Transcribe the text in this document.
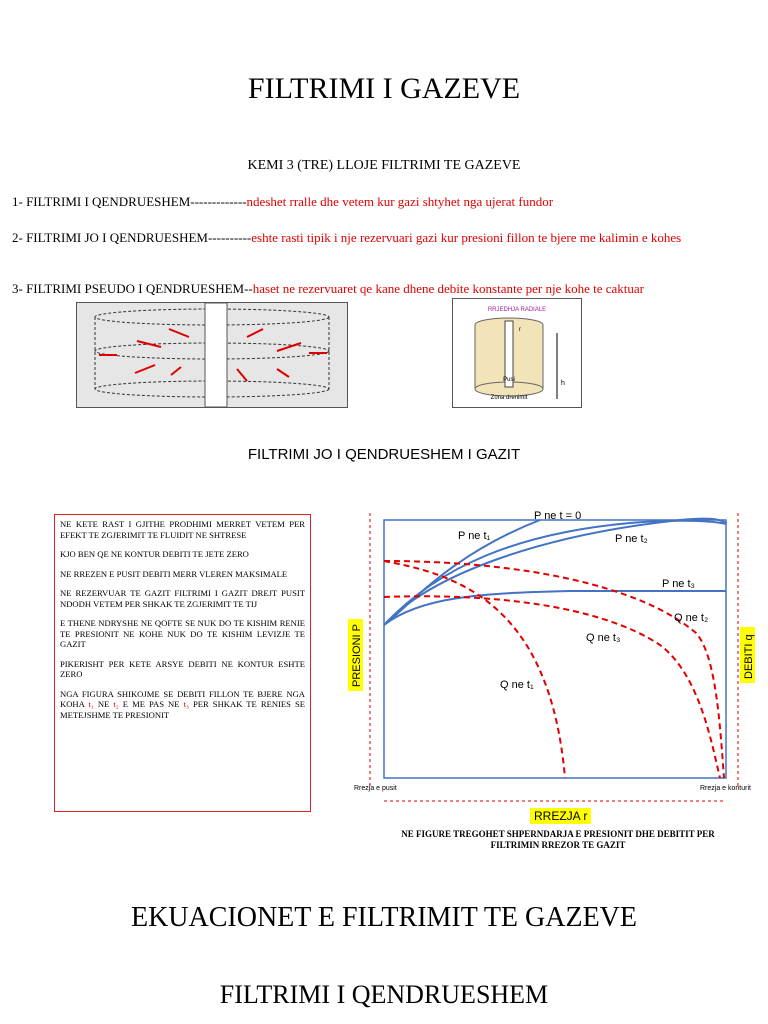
FILTRIMI I GAZEVE
KEMI 3 (TRE) LLOJE FILTRIMI TE GAZEVE
1- FILTRIMI I QENDRUESHEM-------------ndeshet rralle dhe vetem kur gazi shtyhet nga ujerat fundor
2- FILTRIMI JO I QENDRUESHEM----------eshte rasti tipik i nje rezervuari gazi kur presioni fillon te bjere me kalimin e kohes
3- FILTRIMI PSEUDO I QENDRUESHEM--haset ne rezervuaret qe kane dhene debite konstante per nje kohe te caktuar
RRJEDHJA RADIALE
Pusi
Zona drenimit
r
h
FILTRIMI JO I QENDRUESHEM I GAZIT

NE KETE RAST I GJITHE PRODHIMI MERRET VETEM PER EFEKT TE ZGJERIMIT TE FLUIDIT NE SHTRESE

KJO BEN QE NE KONTUR DEBITI TE JETE ZERO

NE RREZEN E PUSIT DEBITI MERR VLEREN MAKSIMALE

NE REZERVUAR TE GAZIT FILTRIMI I GAZIT DREJT PUSIT NDODH VETEM PER SHKAK TE ZGJERIMIT TE TIJ

E THENE NDRYSHE NE QOFTE SE NUK DO TE KISHIM RENIE TE PRESIONIT NE KOHE NUK DO TE KISHIM LEVIZJE TE GAZIT

PIKERISHT PER KETE ARSYE DEBITI NE KONTUR ESHTE ZERO

NGA FIGURA SHIKOJME SE DEBITI FILLON TE BJERE NGA KOHA t₁ NE t₂ E ME PAS NE t₃ PER SHKAK TE RENIES SE METEJSHME TE PRESIONIT

P ne t = 0
P ne t₁	P ne t₂
P ne t₃
Q ne t₁
Q ne t₂
Q ne t₃
PRESIONI P	DEBITI q
Rrezja e pusit	Rrezja e konturit
RREZJA r
NE FIGURE TREGOHET SHPERNDARJA E PRESIONIT DHE DEBITIT PER FILTRIMIN RREZOR TE GAZIT
EKUACIONET E FILTRIMIT TE GAZEVE
FILTRIMI I QENDRUESHEM
